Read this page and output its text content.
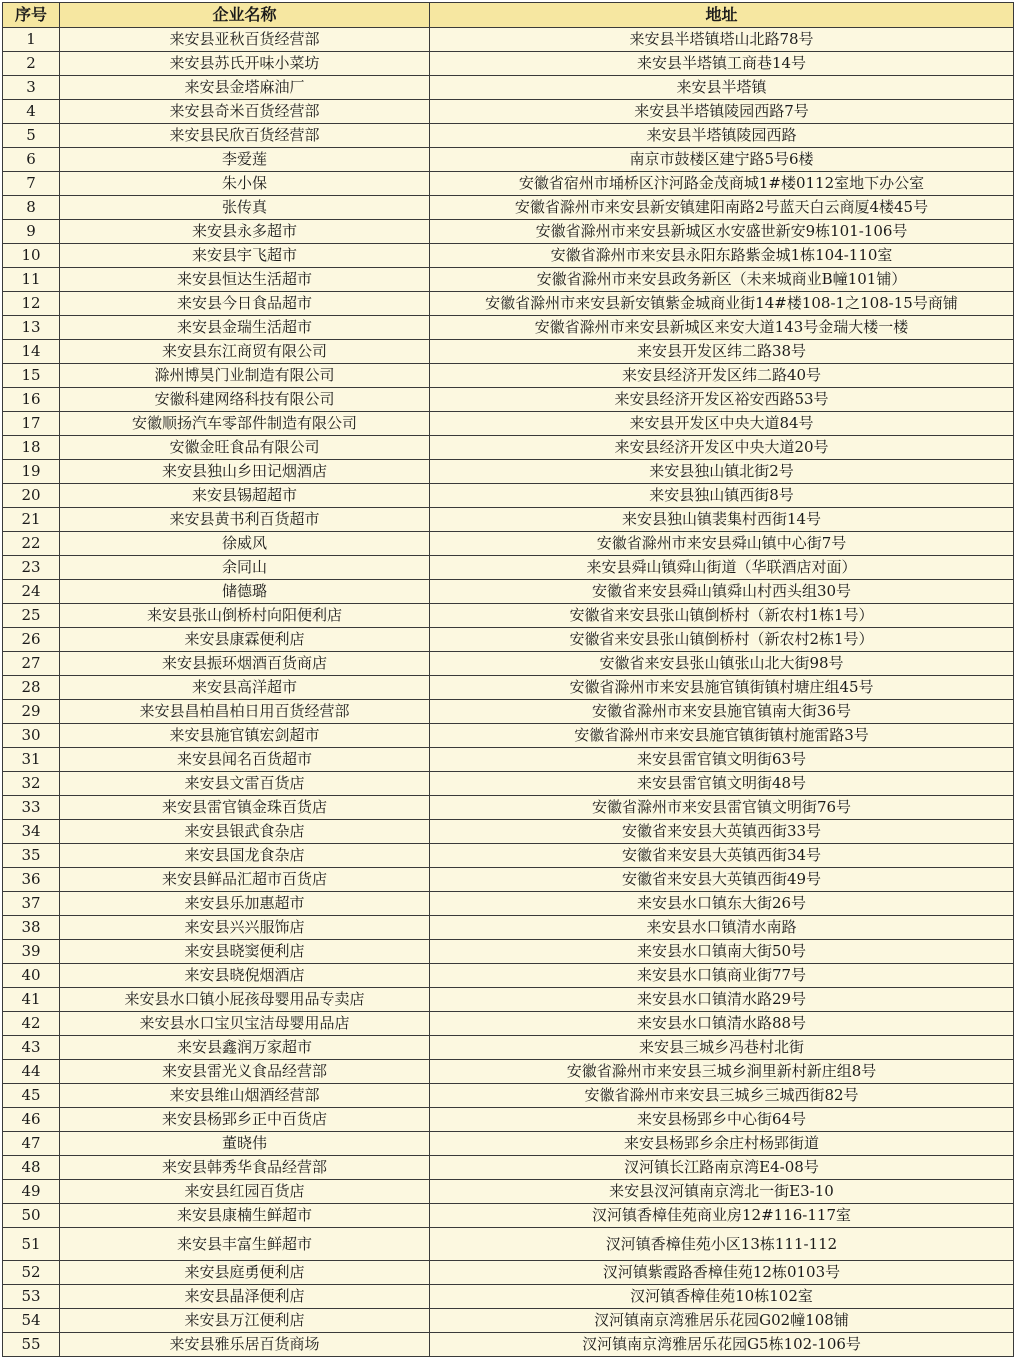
序号	企业名称	地址
1	来安县亚秋百货经营部	来安县半塔镇塔山北路78号
2	来安县苏氏开味小菜坊	来安县半塔镇工商巷14号
3	来安县金塔麻油厂	来安县半塔镇
4	来安县奇米百货经营部	来安县半塔镇陵园西路7号
5	来安县民欣百货经营部	来安县半塔镇陵园西路
6	李爱莲	南京市鼓楼区建宁路5号6楼
7	朱小保	安徽省宿州市埇桥区汴河路金茂商城1#楼0112室地下办公室
8	张传真	安徽省滁州市来安县新安镇建阳南路2号蓝天白云商厦4楼45号
9	来安县永多超市	安徽省滁州市来安县新城区水安盛世新安9栋101-106号
10	来安县宇飞超市	安徽省滁州市来安县永阳东路紫金城1栋104-110室
11	来安县恒达生活超市	安徽省滁州市来安县政务新区（未来城商业B幢101铺）
12	来安县今日食品超市	安徽省滁州市来安县新安镇紫金城商业街14#楼108-1之108-15号商铺
13	来安县金瑞生活超市	安徽省滁州市来安县新城区来安大道143号金瑞大楼一楼
14	来安县东江商贸有限公司	来安县开发区纬二路38号
15	滁州博昊门业制造有限公司	来安县经济开发区纬二路40号
16	安徽科建网络科技有限公司	来安县经济开发区裕安西路53号
17	安徽顺扬汽车零部件制造有限公司	来安县开发区中央大道84号
18	安徽金旺食品有限公司	来安县经济开发区中央大道20号
19	来安县独山乡田记烟酒店	来安县独山镇北街2号
20	来安县锡超超市	来安县独山镇西街8号
21	来安县黄书利百货超市	来安县独山镇裴集村西街14号
22	徐威风	安徽省滁州市来安县舜山镇中心街7号
23	余同山	来安县舜山镇舜山街道（华联酒店对面）
24	储德璐	安徽省来安县舜山镇舜山村西头组30号
25	来安县张山倒桥村向阳便利店	安徽省来安县张山镇倒桥村（新农村1栋1号）
26	来安县康霖便利店	安徽省来安县张山镇倒桥村（新农村2栋1号）
27	来安县振环烟酒百货商店	安徽省来安县张山镇张山北大街98号
28	来安县高洋超市	安徽省滁州市来安县施官镇街镇村塘庄组45号
29	来安县昌柏昌柏日用百货经营部	安徽省滁州市来安县施官镇南大街36号
30	来安县施官镇宏剑超市	安徽省滁州市来安县施官镇街镇村施雷路3号
31	来安县闻名百货超市	来安县雷官镇文明街63号
32	来安县文雷百货店	来安县雷官镇文明街48号
33	来安县雷官镇金珠百货店	安徽省滁州市来安县雷官镇文明街76号
34	来安县银武食杂店	安徽省来安县大英镇西街33号
35	来安县国龙食杂店	安徽省来安县大英镇西街34号
36	来安县鲜品汇超市百货店	安徽省来安县大英镇西街49号
37	来安县乐加惠超市	来安县水口镇东大街26号
38	来安县兴兴服饰店	来安县水口镇清水南路
39	来安县晓窦便利店	来安县水口镇南大街50号
40	来安县晓倪烟酒店	来安县水口镇商业街77号
41	来安县水口镇小屁孩母婴用品专卖店	来安县水口镇清水路29号
42	来安县水口宝贝宝洁母婴用品店	来安县水口镇清水路88号
43	来安县鑫润万家超市	来安县三城乡冯巷村北街
44	来安县雷光义食品经营部	安徽省滁州市来安县三城乡涧里新村新庄组8号
45	来安县维山烟酒经营部	安徽省滁州市来安县三城乡三城西街82号
46	来安县杨郢乡正中百货店	来安县杨郢乡中心街64号
47	董晓伟	来安县杨郢乡余庄村杨郢街道
48	来安县韩秀华食品经营部	汊河镇长江路南京湾E4-08号
49	来安县红园百货店	来安县汊河镇南京湾北一街E3-10
50	来安县康楠生鲜超市	汊河镇香樟佳苑商业房12#116-117室
51	来安县丰富生鲜超市	汊河镇香樟佳苑小区13栋111-112
52	来安县庭勇便利店	汊河镇紫霞路香樟佳苑12栋0103号
53	来安县晶泽便利店	汊河镇香樟佳苑10栋102室
54	来安县万江便利店	汊河镇南京湾雅居乐花园G02幢108铺
55	来安县雅乐居百货商场	汊河镇南京湾雅居乐花园G5栋102-106号
